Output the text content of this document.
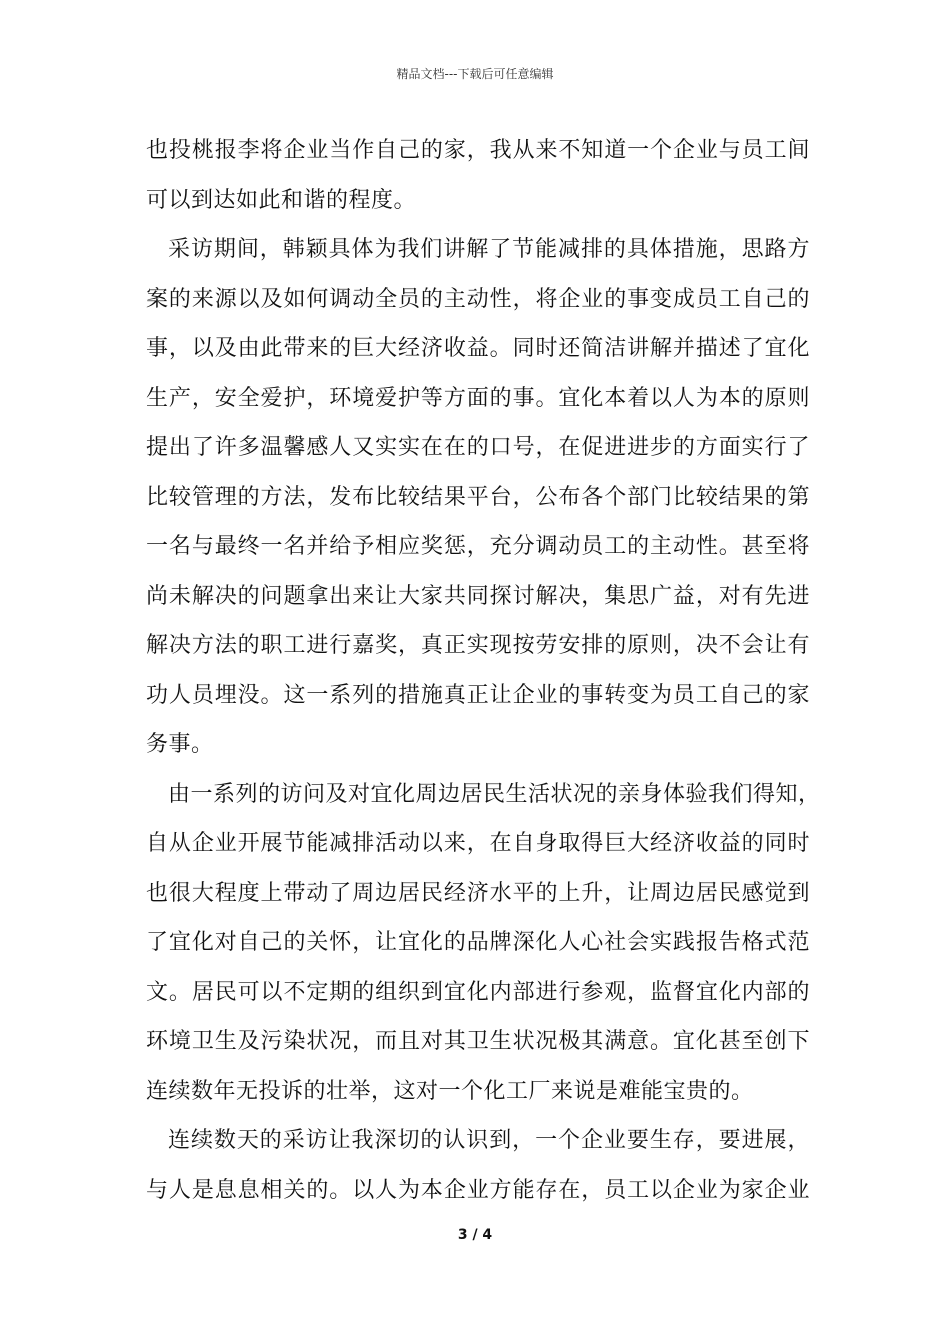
精品文档---下载后可任意编辑
也投桃报李将企业当作自己的家，我从来不知道一个企业与员工间
可以到达如此和谐的程度。
采访期间，韩颖具体为我们讲解了节能减排的具体措施，思路方
案的来源以及如何调动全员的主动性，将企业的事变成员工自己的
事，以及由此带来的巨大经济收益。同时还简洁讲解并描述了宜化
生产，安全爱护，环境爱护等方面的事。宜化本着以人为本的原则
提出了许多温馨感人又实实在在的口号，在促进进步的方面实行了
比较管理的方法，发布比较结果平台，公布各个部门比较结果的第
一名与最终一名并给予相应奖惩，充分调动员工的主动性。甚至将
尚未解决的问题拿出来让大家共同探讨解决，集思广益，对有先进
解决方法的职工进行嘉奖，真正实现按劳安排的原则，决不会让有
功人员埋没。这一系列的措施真正让企业的事转变为员工自己的家
务事。
由一系列的访问及对宜化周边居民生活状况的亲身体验我们得知，
自从企业开展节能减排活动以来，在自身取得巨大经济收益的同时
也很大程度上带动了周边居民经济水平的上升，让周边居民感觉到
了宜化对自己的关怀，让宜化的品牌深化人心社会实践报告格式范
文。居民可以不定期的组织到宜化内部进行参观，监督宜化内部的
环境卫生及污染状况，而且对其卫生状况极其满意。宜化甚至创下
连续数年无投诉的壮举，这对一个化工厂来说是难能宝贵的。
连续数天的采访让我深切的认识到，一个企业要生存，要进展，
与人是息息相关的。以人为本企业方能存在，员工以企业为家企业
3 / 4
